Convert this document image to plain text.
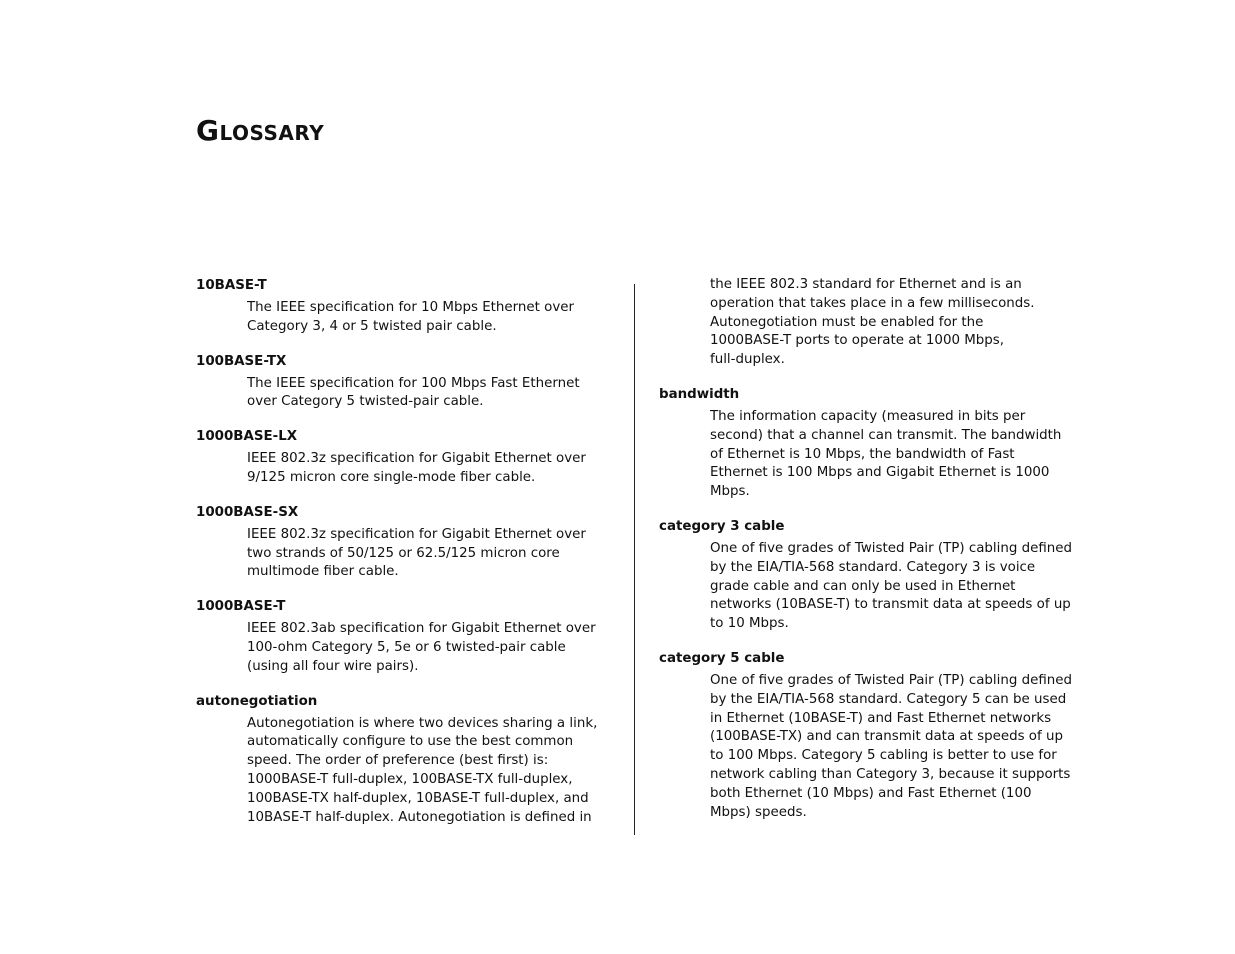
Glossary
10BASE-T
The IEEE specification for 10 Mbps Ethernet over
Category 3, 4 or 5 twisted pair cable.
100BASE-TX
The IEEE specification for 100 Mbps Fast Ethernet
over Category 5 twisted-pair cable.
1000BASE-LX
IEEE 802.3z specification for Gigabit Ethernet over
9/125 micron core single-mode fiber cable.
1000BASE-SX
IEEE 802.3z specification for Gigabit Ethernet over
two strands of 50/125 or 62.5/125 micron core
multimode fiber cable.
1000BASE-T
IEEE 802.3ab specification for Gigabit Ethernet over
100-ohm Category 5, 5e or 6 twisted-pair cable
(using all four wire pairs).
autonegotiation
Autonegotiation is where two devices sharing a link,
automatically configure to use the best common
speed. The order of preference (best first) is:
1000BASE-T full-duplex, 100BASE-TX full-duplex,
100BASE-TX half-duplex, 10BASE-T full-duplex, and
10BASE-T half-duplex. Autonegotiation is defined in
the IEEE 802.3 standard for Ethernet and is an
operation that takes place in a few milliseconds.
Autonegotiation must be enabled for the
1000BASE-T ports to operate at 1000 Mbps,
full-duplex.
bandwidth
The information capacity (measured in bits per
second) that a channel can transmit. The bandwidth
of Ethernet is 10 Mbps, the bandwidth of Fast
Ethernet is 100 Mbps and Gigabit Ethernet is 1000
Mbps.
category 3 cable
One of five grades of Twisted Pair (TP) cabling defined
by the EIA/TIA-568 standard. Category 3 is voice
grade cable and can only be used in Ethernet
networks (10BASE-T) to transmit data at speeds of up
to 10 Mbps.
category 5 cable
One of five grades of Twisted Pair (TP) cabling defined
by the EIA/TIA-568 standard. Category 5 can be used
in Ethernet (10BASE-T) and Fast Ethernet networks
(100BASE-TX) and can transmit data at speeds of up
to 100 Mbps. Category 5 cabling is better to use for
network cabling than Category 3, because it supports
both Ethernet (10 Mbps) and Fast Ethernet (100
Mbps) speeds.
